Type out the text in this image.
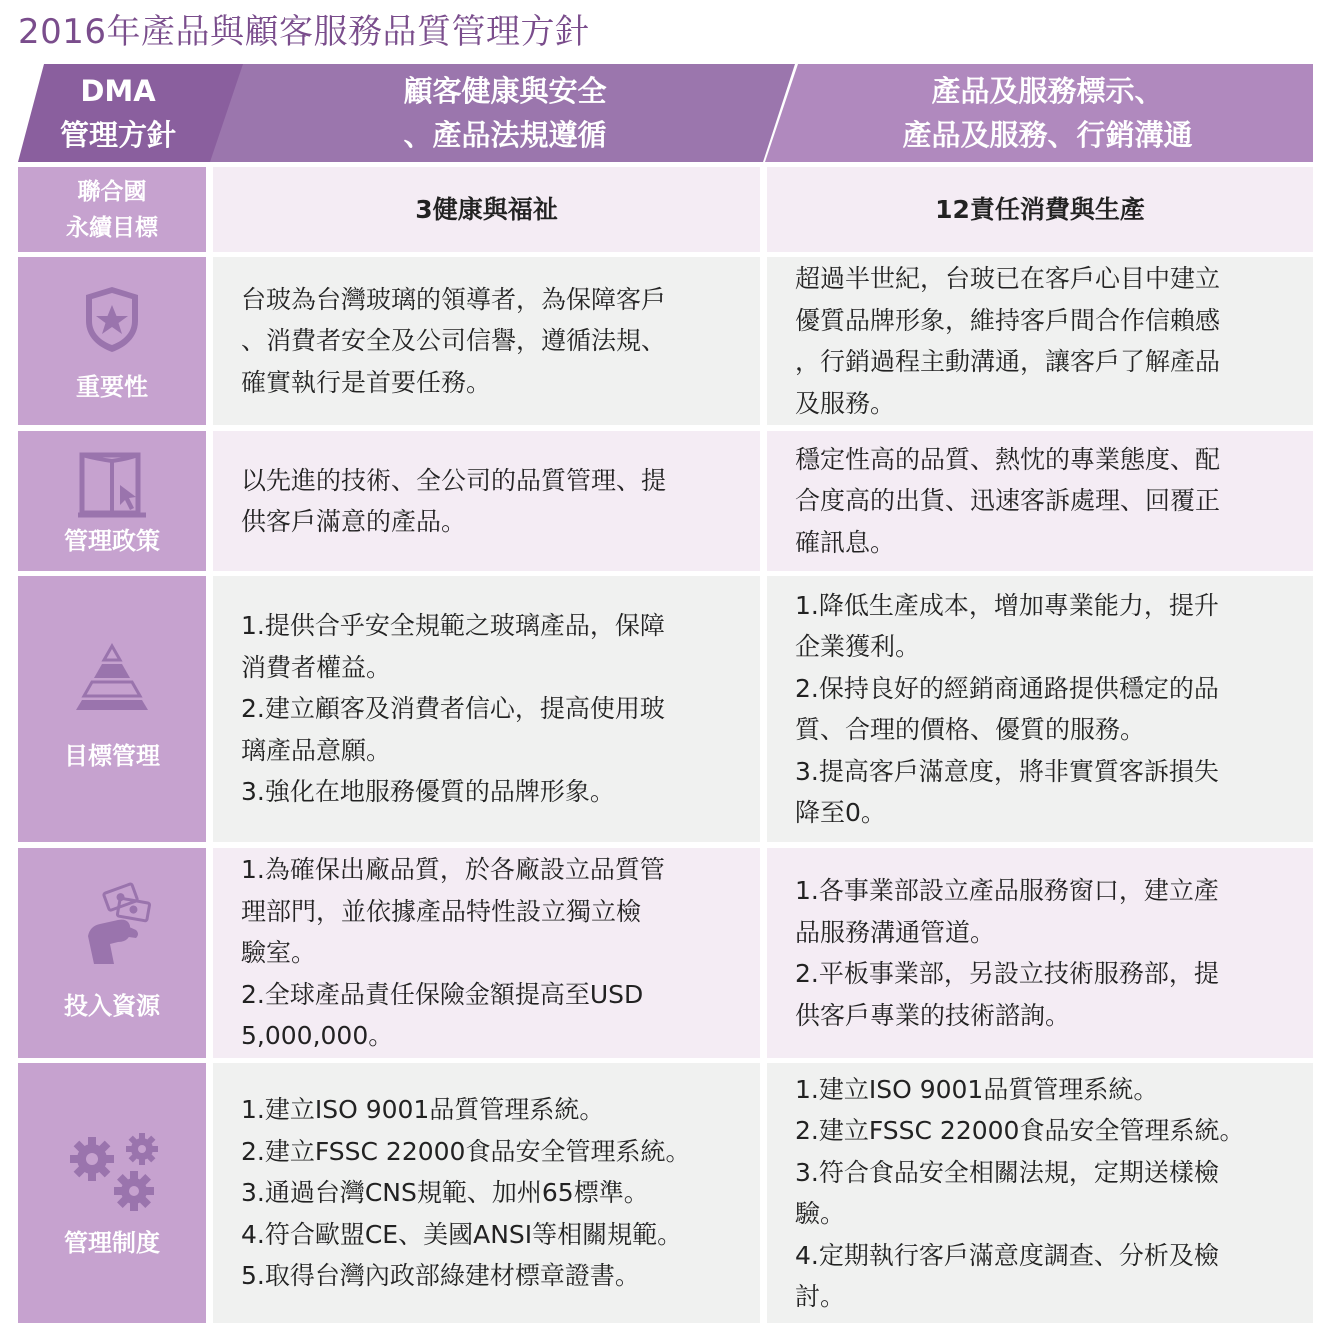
2016年產品與顧客服務品質管理方針
DMA
管理方針
顧客健康與安全
、產品法規遵循
產品及服務標示、
產品及服務、行銷溝通
聯合國
永續目標
3健康與福祉	12責任消費與生產
重要性
台玻為台灣玻璃的領導者，為保障客戶
、消費者安全及公司信譽，遵循法規、
確實執行是首要任務。
超過半世紀，台玻已在客戶心目中建立
優質品牌形象，維持客戶間合作信賴感
，行銷過程主動溝通，讓客戶了解產品
及服務。
管理政策
以先進的技術、全公司的品質管理、提
供客戶滿意的產品。
穩定性高的品質、熱忱的專業態度、配
合度高的出貨、迅速客訴處理、回覆正
確訊息。
目標管理
1.提供合乎安全規範之玻璃產品，保障
消費者權益。
2.建立顧客及消費者信心，提高使用玻
璃產品意願。
3.強化在地服務優質的品牌形象。
1.降低生產成本，增加專業能力，提升
企業獲利。
2.保持良好的經銷商通路提供穩定的品
質、合理的價格、優質的服務。
3.提高客戶滿意度，將非實質客訴損失
降至0。
投入資源
1.為確保出廠品質，於各廠設立品質管
理部門，並依據產品特性設立獨立檢
驗室。
2.全球產品責任保險金額提高至USD
5,000,000。
1.各事業部設立產品服務窗口，建立產
品服務溝通管道。
2.平板事業部，另設立技術服務部，提
供客戶專業的技術諮詢。
管理制度
1.建立ISO 9001品質管理系統。
2.建立FSSC 22000食品安全管理系統。
3.通過台灣CNS規範、加州65標準。
4.符合歐盟CE、美國ANSI等相關規範。
5.取得台灣內政部綠建材標章證書。
1.建立ISO 9001品質管理系統。
2.建立FSSC 22000食品安全管理系統。
3.符合食品安全相關法規，定期送樣檢
驗。
4.定期執行客戶滿意度調查、分析及檢
討。
